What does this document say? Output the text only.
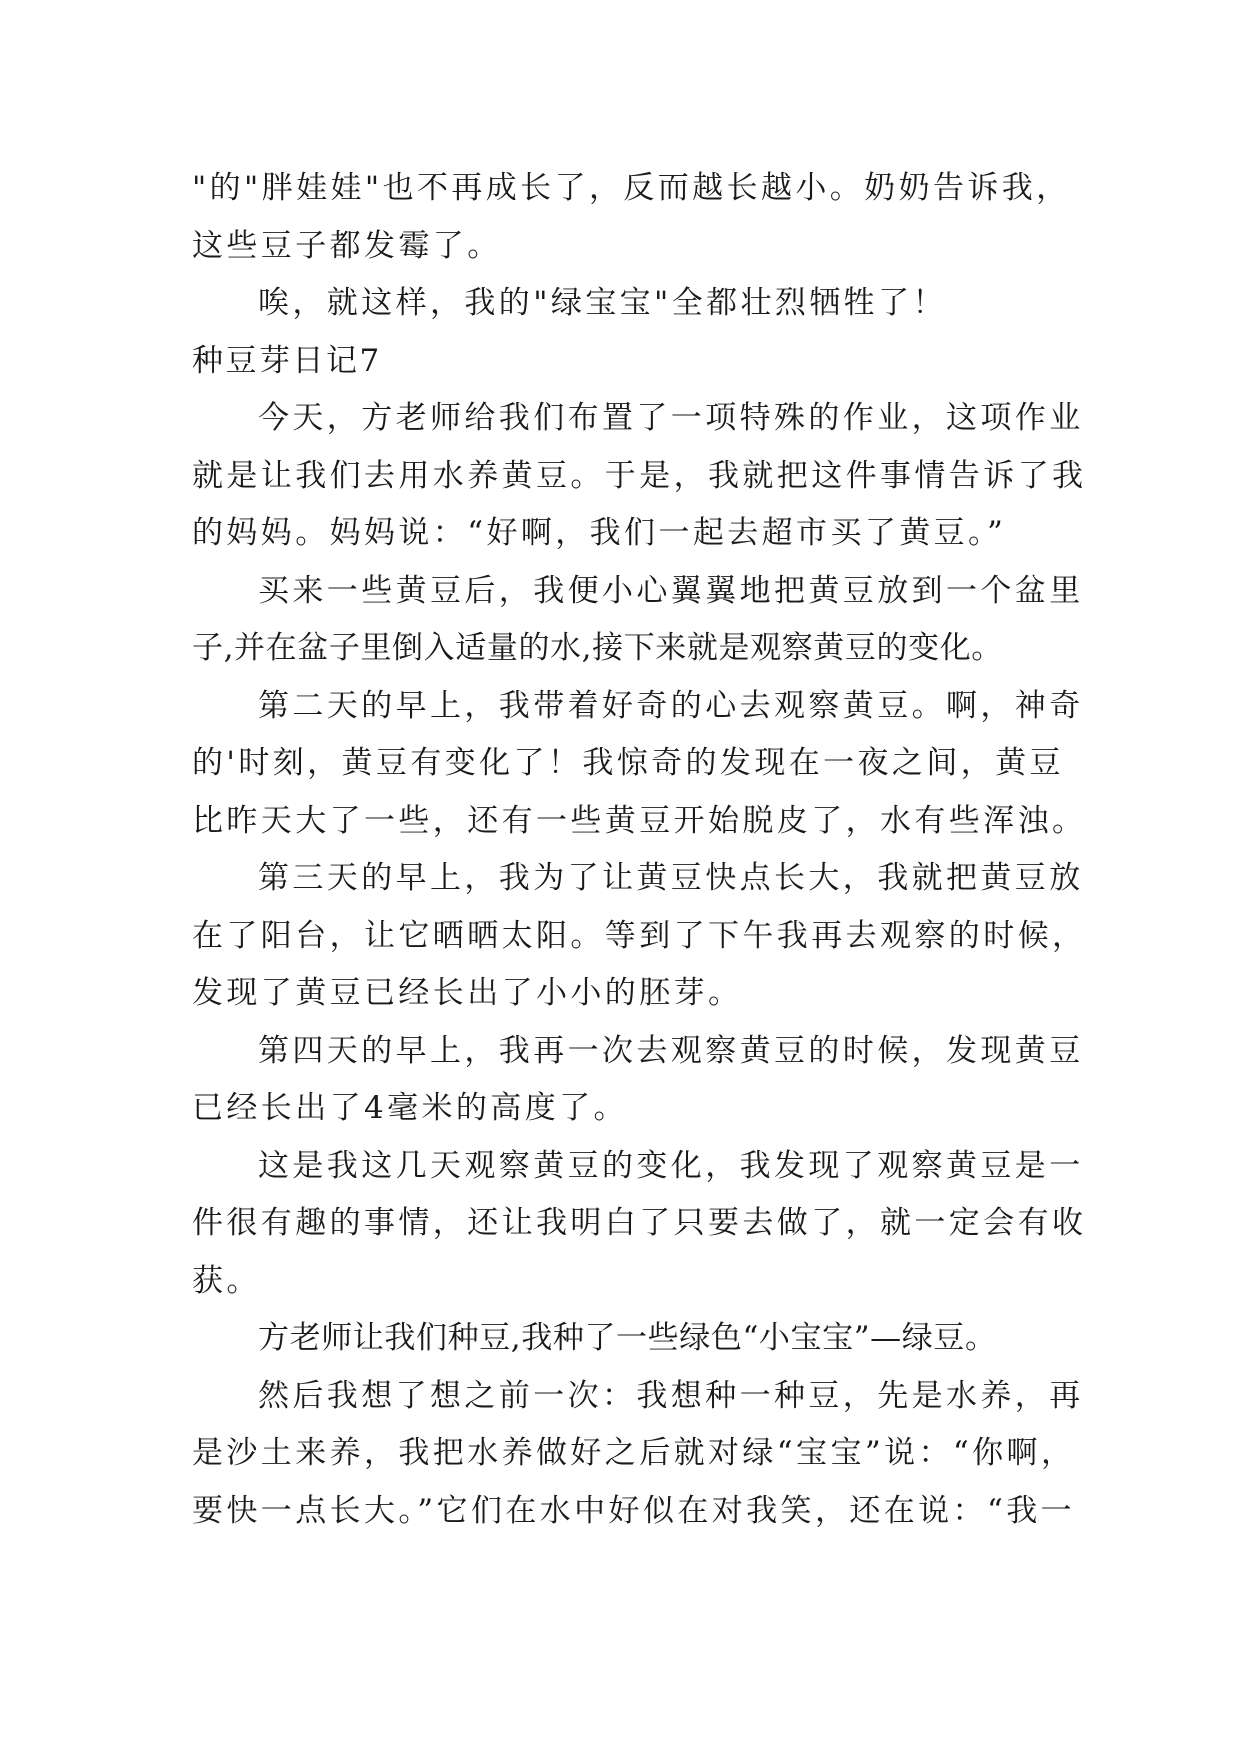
"的"胖娃娃"也不再成长了，反而越长越小。奶奶告诉我，
这些豆子都发霉了。
唉，就这样，我的"绿宝宝"全都壮烈牺牲了！
种豆芽日记7
今天，方老师给我们布置了一项特殊的作业，这项作业
就是让我们去用水养黄豆。于是，我就把这件事情告诉了我
的妈妈。妈妈说：“好啊，我们一起去超市买了黄豆。”
买来一些黄豆后，我便小心翼翼地把黄豆放到一个盆里
子,并在盆子里倒入适量的水,接下来就是观察黄豆的变化。
第二天的早上，我带着好奇的心去观察黄豆。啊，神奇
的'时刻，黄豆有变化了！我惊奇的发现在一夜之间，黄豆
比昨天大了一些，还有一些黄豆开始脱皮了，水有些浑浊。
第三天的早上，我为了让黄豆快点长大，我就把黄豆放
在了阳台，让它晒晒太阳。等到了下午我再去观察的时候，
发现了黄豆已经长出了小小的胚芽。
第四天的早上，我再一次去观察黄豆的时候，发现黄豆
已经长出了4毫米的高度了。
这是我这几天观察黄豆的变化，我发现了观察黄豆是一
件很有趣的事情，还让我明白了只要去做了，就一定会有收
获。
方老师让我们种豆,我种了一些绿色“小宝宝”—绿豆。
然后我想了想之前一次：我想种一种豆，先是水养，再
是沙土来养，我把水养做好之后就对绿“宝宝”说：“你啊，
要快一点长大。”它们在水中好似在对我笑，还在说：“我一
